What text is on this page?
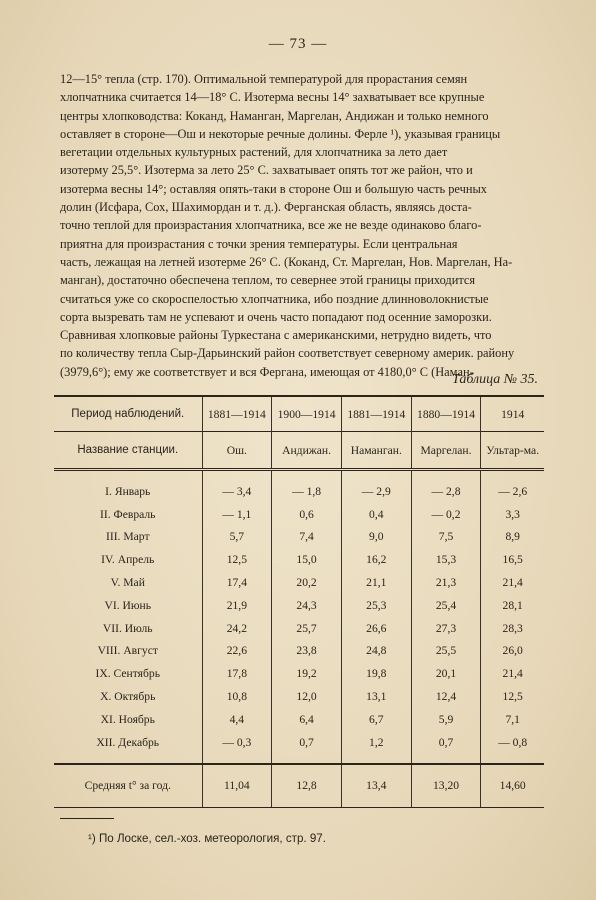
— 73 —

12—15° тепла (стр. 170). Оптимальной температурой для прорастания семян

хлопчатника считается 14—18° С. Изотерма весны 14° захватывает все крупные

центры хлопководства: Коканд, Наманган, Маргелан, Андижан и только немного

оставляет в стороне—Ош и некоторые речные долины. Ферле ¹), указывая границы

вегетации отдельных культурных растений, для хлопчатника за лето дает

изотерму 25,5°. Изотерма за лето 25° С. захватывает опять тот же район, что и

изотерма весны 14°; оставляя опять-таки в стороне Ош и большую часть речных

долин (Исфара, Сох, Шахимордан и т. д.). Ферганская область, являясь доста-

точно теплой для произрастания хлопчатника, все же не везде одинаково благо-

приятна для произрастания с точки зрения температуры. Если центральная

часть, лежащая на летней изотерме 26° С. (Коканд, Ст. Маргелан, Нов. Маргелан, На-

манган), достаточно обеспечена теплом, то севернее этой границы приходится

считаться уже со скороспелостью хлопчатника, ибо поздние длинноволокнистые

сорта вызревать там не успевают и очень часто попадают под осенние заморозки.

Сравнивая хлопковые районы Туркестана с американскими, нетрудно видеть, что

по количеству тепла Сыр-Дарьинский район соответствует северному америк. району

(3979,6°); ему же соответствует и вся Фергана, имеющая от 4180,0° С (Наман-

Таблица № 35.
Период наблюдений.	1881—1914	1900—1914	1881—1914	1880—1914	1914
Название станции.	Ош.	Андижан.	Наманган.	Маргелан.	Ультар-ма.

I. Январь	— 3,4	— 1,8	— 2,9	— 2,8	— 2,6
II. Февраль	— 1,1	0,6	0,4	— 0,2	3,3
III. Март	5,7	7,4	9,0	7,5	8,9
IV. Апрель	12,5	15,0	16,2	15,3	16,5
V. Май	17,4	20,2	21,1	21,3	21,4
VI. Июнь	21,9	24,3	25,3	25,4	28,1
VII. Июль	24,2	25,7	26,6	27,3	28,3
VIII. Август	22,6	23,8	24,8	25,5	26,0
IX. Сентябрь	17,8	19,2	19,8	20,1	21,4
X. Октябрь	10,8	12,0	13,1	12,4	12,5
XI. Ноябрь	4,4	6,4	6,7	5,9	7,1
XII. Декабрь	— 0,3	0,7	1,2	0,7	— 0,8

Средняя t° за год.	11,04	12,8	13,4	13,20	14,60
¹) По Лоске, сел.-хоз. метеорология, стр. 97.
